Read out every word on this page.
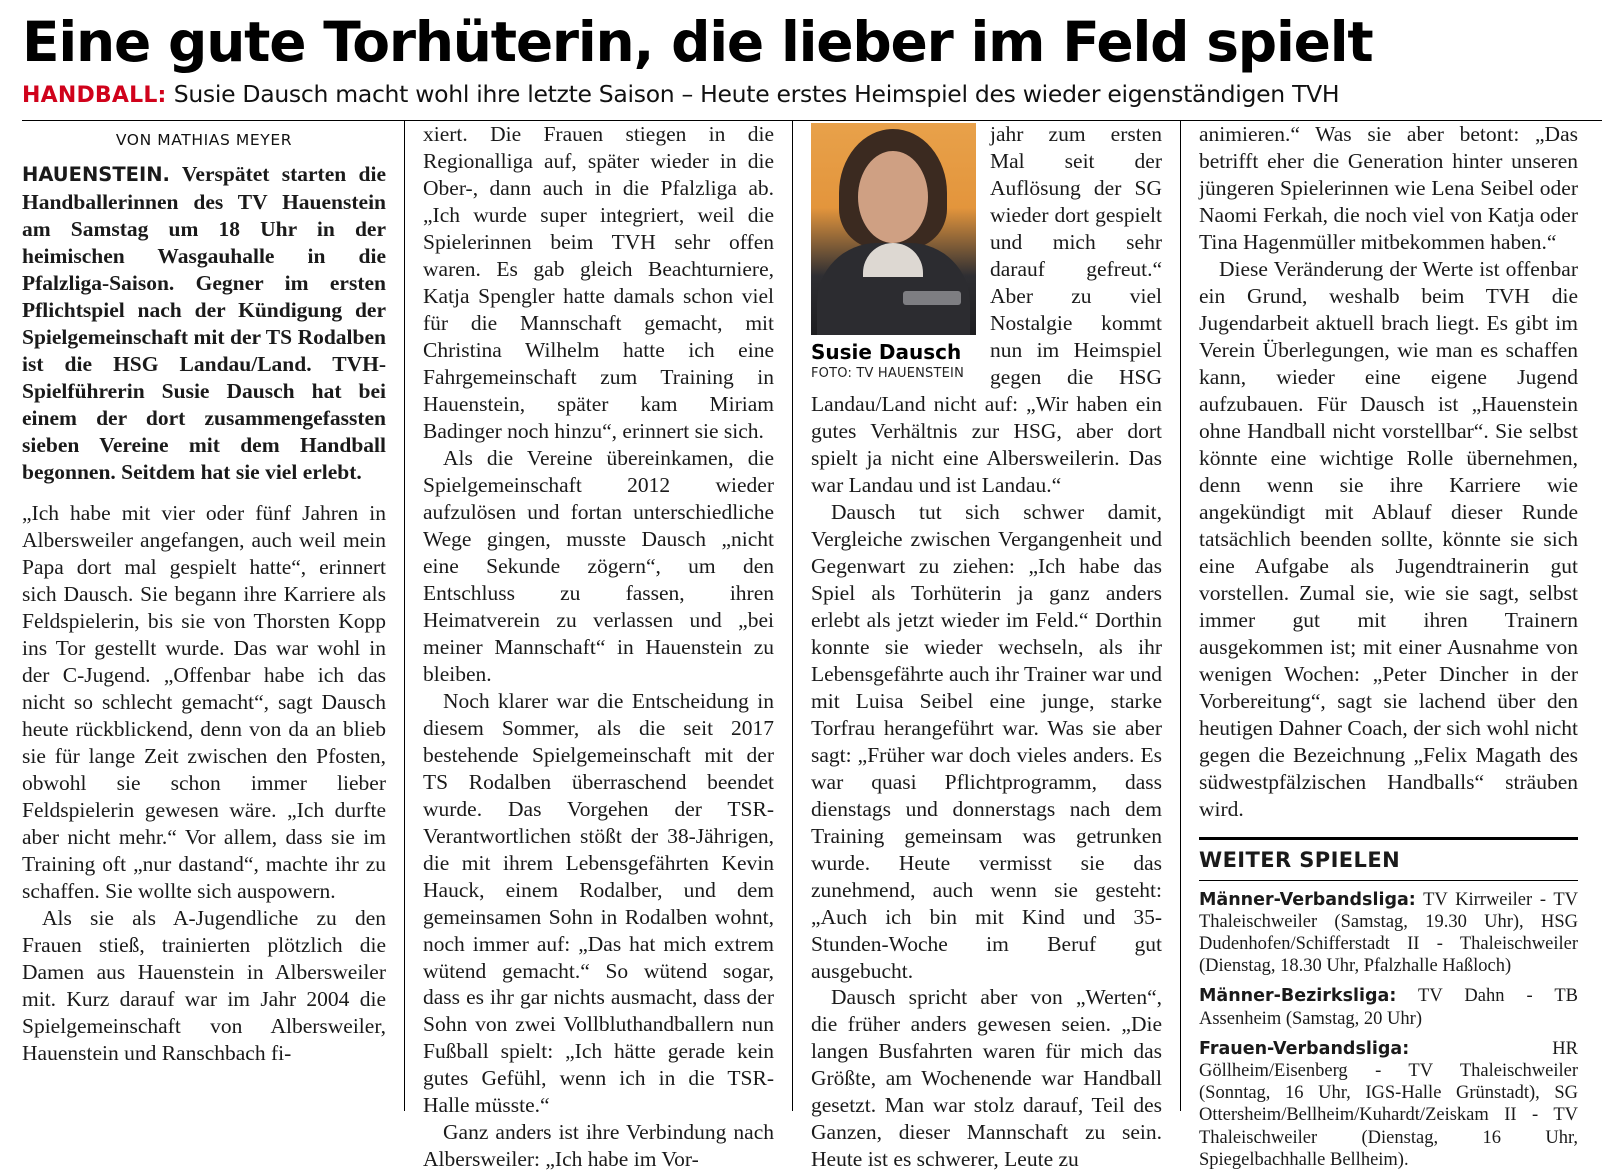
Eine gute Torhüterin, die lieber im Feld spielt
HANDBALL: Susie Dausch macht wohl ihre letzte Saison – Heute erstes Heimspiel des wieder eigenständigen TVH
VON MATHIAS MEYER

HAUENSTEIN. Verspätet starten die Handballerinnen des TV Hauenstein am Samstag um 18 Uhr in der heimischen Wasgauhalle in die Pfalzliga-Saison. Gegner im ersten Pflichtspiel nach der Kündigung der Spielgemeinschaft mit der TS Rodalben ist die HSG Landau/Land. TVH-Spielführerin Susie Dausch hat bei einem der dort zusammengefassten sieben Vereine mit dem Handball begonnen. Seitdem hat sie viel erlebt.

„Ich habe mit vier oder fünf Jahren in Albersweiler angefangen, auch weil mein Papa dort mal gespielt hatte“, erinnert sich Dausch. Sie begann ihre Karriere als Feldspielerin, bis sie von Thorsten Kopp ins Tor gestellt wurde. Das war wohl in der C-Jugend. „Offenbar habe ich das nicht so schlecht gemacht“, sagt Dausch heute rückblickend, denn von da an blieb sie für lange Zeit zwischen den Pfosten, obwohl sie schon immer lieber Feldspielerin gewesen wäre. „Ich durfte aber nicht mehr.“ Vor allem, dass sie im Training oft „nur dastand“, machte ihr zu schaffen. Sie wollte sich auspowern.

Als sie als A-Jugendliche zu den Frauen stieß, trainierten plötzlich die Damen aus Hauenstein in Albersweiler mit. Kurz darauf war im Jahr 2004 die Spielgemeinschaft von Albersweiler, Hauenstein und Ranschbach fi-

xiert. Die Frauen stiegen in die Regionalliga auf, später wieder in die Ober-, dann auch in die Pfalzliga ab. „Ich wurde super integriert, weil die Spielerinnen beim TVH sehr offen waren. Es gab gleich Beachturniere, Katja Spengler hatte damals schon viel für die Mannschaft gemacht, mit Christina Wilhelm hatte ich eine Fahrgemeinschaft zum Training in Hauenstein, später kam Miriam Badinger noch hinzu“, erinnert sie sich.

Als die Vereine übereinkamen, die Spielgemeinschaft 2012 wieder aufzulösen und fortan unterschiedliche Wege gingen, musste Dausch „nicht eine Sekunde zögern“, um den Entschluss zu fassen, ihren Heimatverein zu verlassen und „bei meiner Mannschaft“ in Hauenstein zu bleiben.

Noch klarer war die Entscheidung in diesem Sommer, als die seit 2017 bestehende Spielgemeinschaft mit der TS Rodalben überraschend beendet wurde. Das Vorgehen der TSR-Verantwortlichen stößt der 38-Jährigen, die mit ihrem Lebensgefährten Kevin Hauck, einem Rodalber, und dem gemeinsamen Sohn in Rodalben wohnt, noch immer auf: „Das hat mich extrem wütend gemacht.“ So wütend sogar, dass es ihr gar nichts ausmacht, dass der Sohn von zwei Vollbluthandballern nun Fußball spielt: „Ich hätte gerade kein gutes Gefühl, wenn ich in die TSR-Halle müsste.“

Ganz anders ist ihre Verbindung nach Albersweiler: „Ich habe im Vor-

Susie Dausch
FOTO: TV HAUENSTEIN

jahr zum ersten Mal seit der Auflösung der SG wieder dort gespielt und mich sehr darauf gefreut.“ Aber zu viel Nostalgie kommt nun im Heimspiel gegen die HSG Landau/Land nicht auf: „Wir haben ein gutes Verhältnis zur HSG, aber dort spielt ja nicht eine Albersweilerin. Das war Landau und ist Landau.“

Dausch tut sich schwer damit, Vergleiche zwischen Vergangenheit und Gegenwart zu ziehen: „Ich habe das Spiel als Torhüterin ja ganz anders erlebt als jetzt wieder im Feld.“ Dorthin konnte sie wieder wechseln, als ihr Lebensgefährte auch ihr Trainer war und mit Luisa Seibel eine junge, starke Torfrau herangeführt war. Was sie aber sagt: „Früher war doch vieles anders. Es war quasi Pflichtprogramm, dass dienstags und donnerstags nach dem Training gemeinsam was getrunken wurde. Heute vermisst sie das zunehmend, auch wenn sie gesteht: „Auch ich bin mit Kind und 35-Stunden-Woche im Beruf gut ausgebucht.

Dausch spricht aber von „Werten“, die früher anders gewesen seien. „Die langen Busfahrten waren für mich das Größte, am Wochenende war Handball gesetzt. Man war stolz darauf, Teil des Ganzen, dieser Mannschaft zu sein. Heute ist es schwerer, Leute zu

animieren.“ Was sie aber betont: „Das betrifft eher die Generation hinter unseren jüngeren Spielerinnen wie Lena Seibel oder Naomi Ferkah, die noch viel von Katja oder Tina Hagenmüller mitbekommen haben.“

Diese Veränderung der Werte ist offenbar ein Grund, weshalb beim TVH die Jugendarbeit aktuell brach liegt. Es gibt im Verein Überlegungen, wie man es schaffen kann, wieder eine eigene Jugend aufzubauen. Für Dausch ist „Hauenstein ohne Handball nicht vorstellbar“. Sie selbst könnte eine wichtige Rolle übernehmen, denn wenn sie ihre Karriere wie angekündigt mit Ablauf dieser Runde tatsächlich beenden sollte, könnte sie sich eine Aufgabe als Jugendtrainerin gut vorstellen. Zumal sie, wie sie sagt, selbst immer gut mit ihren Trainern ausgekommen ist; mit einer Ausnahme von wenigen Wochen: „Peter Dincher in der Vorbereitung“, sagt sie lachend über den heutigen Dahner Coach, der sich wohl nicht gegen die Bezeichnung „Felix Magath des südwestpfälzischen Handballs“ sträuben wird.

WEITER SPIELEN

Männer-Verbandsliga: TV Kirrweiler - TV Thaleischweiler (Samstag, 19.30 Uhr), HSG Dudenhofen/Schifferstadt II - Thaleischweiler (Dienstag, 18.30 Uhr, Pfalzhalle Haßloch)

Männer-Bezirksliga: TV Dahn - TB Assenheim (Samstag, 20 Uhr)

Frauen-Verbandsliga: HR Göllheim/Eisenberg - TV Thaleischweiler (Sonntag, 16 Uhr, IGS-Halle Grünstadt), SG Ottersheim/Bellheim/Kuhardt/Zeiskam II - TV Thaleischweiler (Dienstag, 16 Uhr, Spiegelbachhalle Bellheim).
